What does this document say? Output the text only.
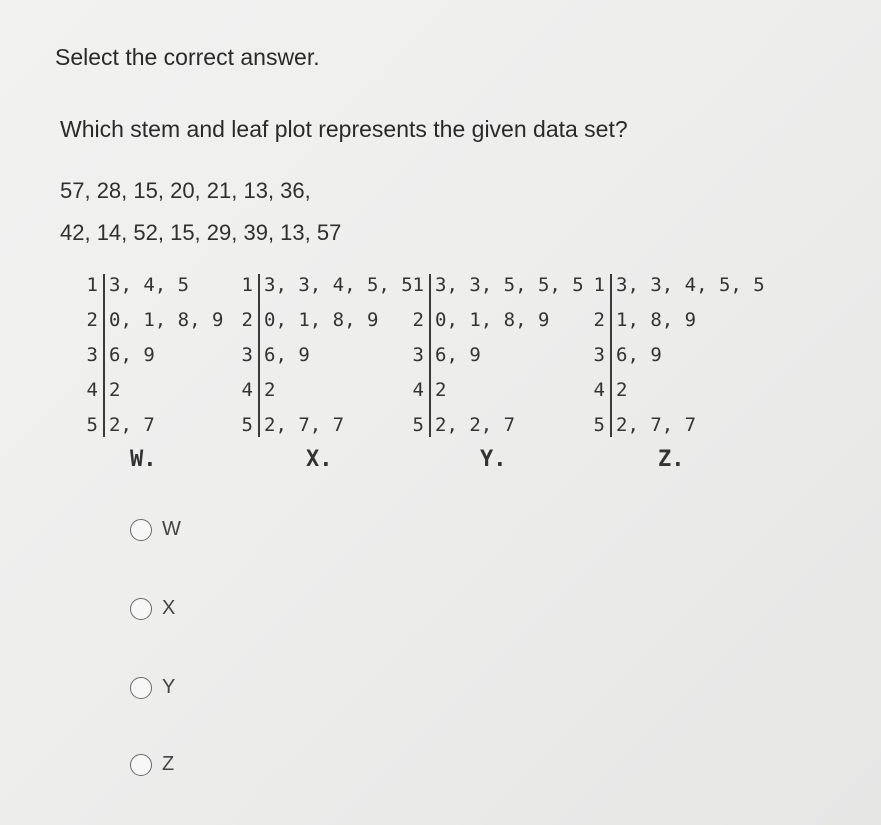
Select the correct answer.
Which stem and leaf plot represents the given data set?
57, 28, 15, 20, 21, 13, 36,
42, 14, 52, 15, 29, 39, 13, 57
1 3, 4, 5
2 0, 1, 8, 9
3 6, 9
4 2
5 2, 7
W.
1 3, 3, 4, 5, 5
2 0, 1, 8, 9
3 6, 9
4 2
5 2, 7, 7
X.
1 3, 3, 5, 5, 5
2 0, 1, 8, 9
3 6, 9
4 2
5 2, 2, 7
Y.
1 3, 3, 4, 5, 5
2 1, 8, 9
3 6, 9
4 2
5 2, 7, 7
Z.
W
X
Y
Z
